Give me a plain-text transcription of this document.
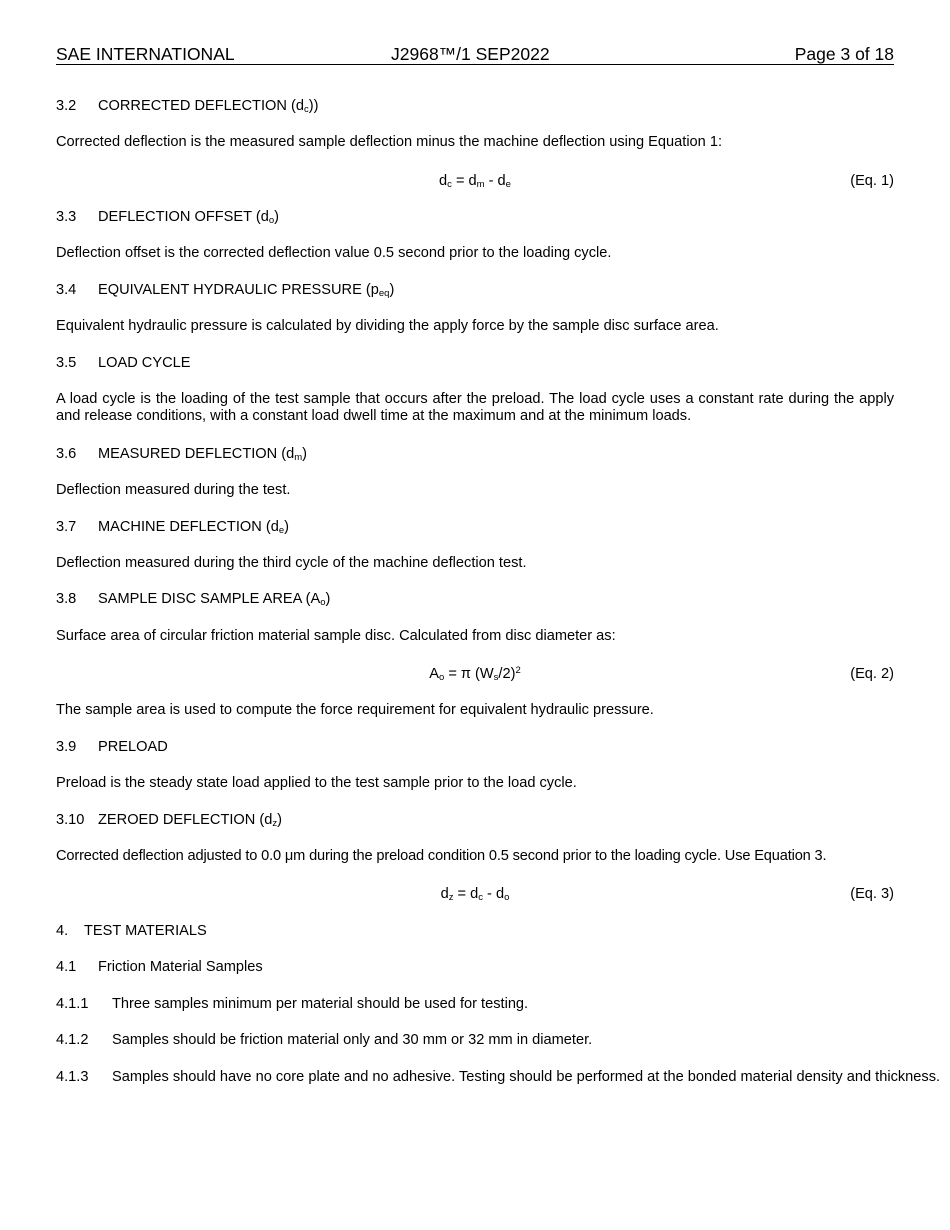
SAE INTERNATIONAL	J2968™/1 SEP2022	Page 3 of 18
3.2 CORRECTED DEFLECTION $(d_c)$)
Corrected deflection is the measured sample deflection minus the machine deflection using Equation 1:
$d_c = d_m - d_e$	(Eq. 1)
3.3 DEFLECTION OFFSET $(d_o)$
Deflection offset is the corrected deflection value 0.5 second prior to the loading cycle.
3.4 EQUIVALENT HYDRAULIC PRESSURE $(p_{eq})$
Equivalent hydraulic pressure is calculated by dividing the apply force by the sample disc surface area.
3.5 LOAD CYCLE
A load cycle is the loading of the test sample that occurs after the preload. The load cycle uses a constant rate during the apply and release conditions, with a constant load dwell time at the maximum and at the minimum loads.
3.6 MEASURED DEFLECTION $(d_m)$
Deflection measured during the test.
3.7 MACHINE DEFLECTION $(d_e)$
Deflection measured during the third cycle of the machine deflection test.
3.8 SAMPLE DISC SAMPLE AREA $(A_o)$
Surface area of circular friction material sample disc. Calculated from disc diameter as:
$A_o = \pi$ $(W_s/2)^2$	(Eq. 2)
The sample area is used to compute the force requirement for equivalent hydraulic pressure.
3.9 PRELOAD
Preload is the steady state load applied to the test sample prior to the load cycle.
3.10 ZEROED DEFLECTION $(d_z)$
Corrected deflection adjusted to 0.0 μm during the preload condition 0.5 second prior to the loading cycle. Use Equation 3.
$d_z = d_c - d_o$	(Eq. 3)
4. TEST MATERIALS
4.1 Friction Material Samples
4.1.1 Three samples minimum per material should be used for testing.
4.1.2 Samples should be friction material only and 30 mm or 32 mm in diameter.
4.1.3 Samples should have no core plate and no adhesive. Testing should be performed at the bonded material density and thickness.
